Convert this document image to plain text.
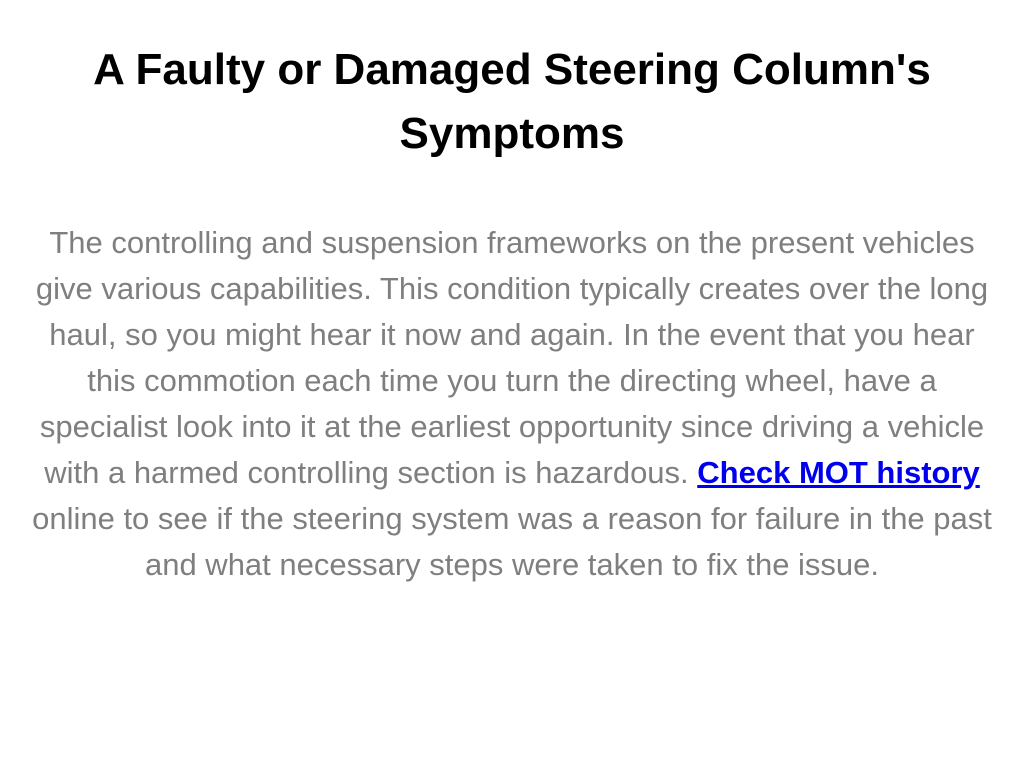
A Faulty or Damaged Steering Column's Symptoms

The controlling and suspension frameworks on the present vehicles give various capabilities. This condition typically creates over the long haul, so you might hear it now and again. In the event that you hear this commotion each time you turn the directing wheel, have a specialist look into it at the earliest opportunity since driving a vehicle with a harmed controlling section is hazardous. Check MOT history online to see if the steering system was a reason for failure in the past and what necessary steps were taken to fix the issue.
